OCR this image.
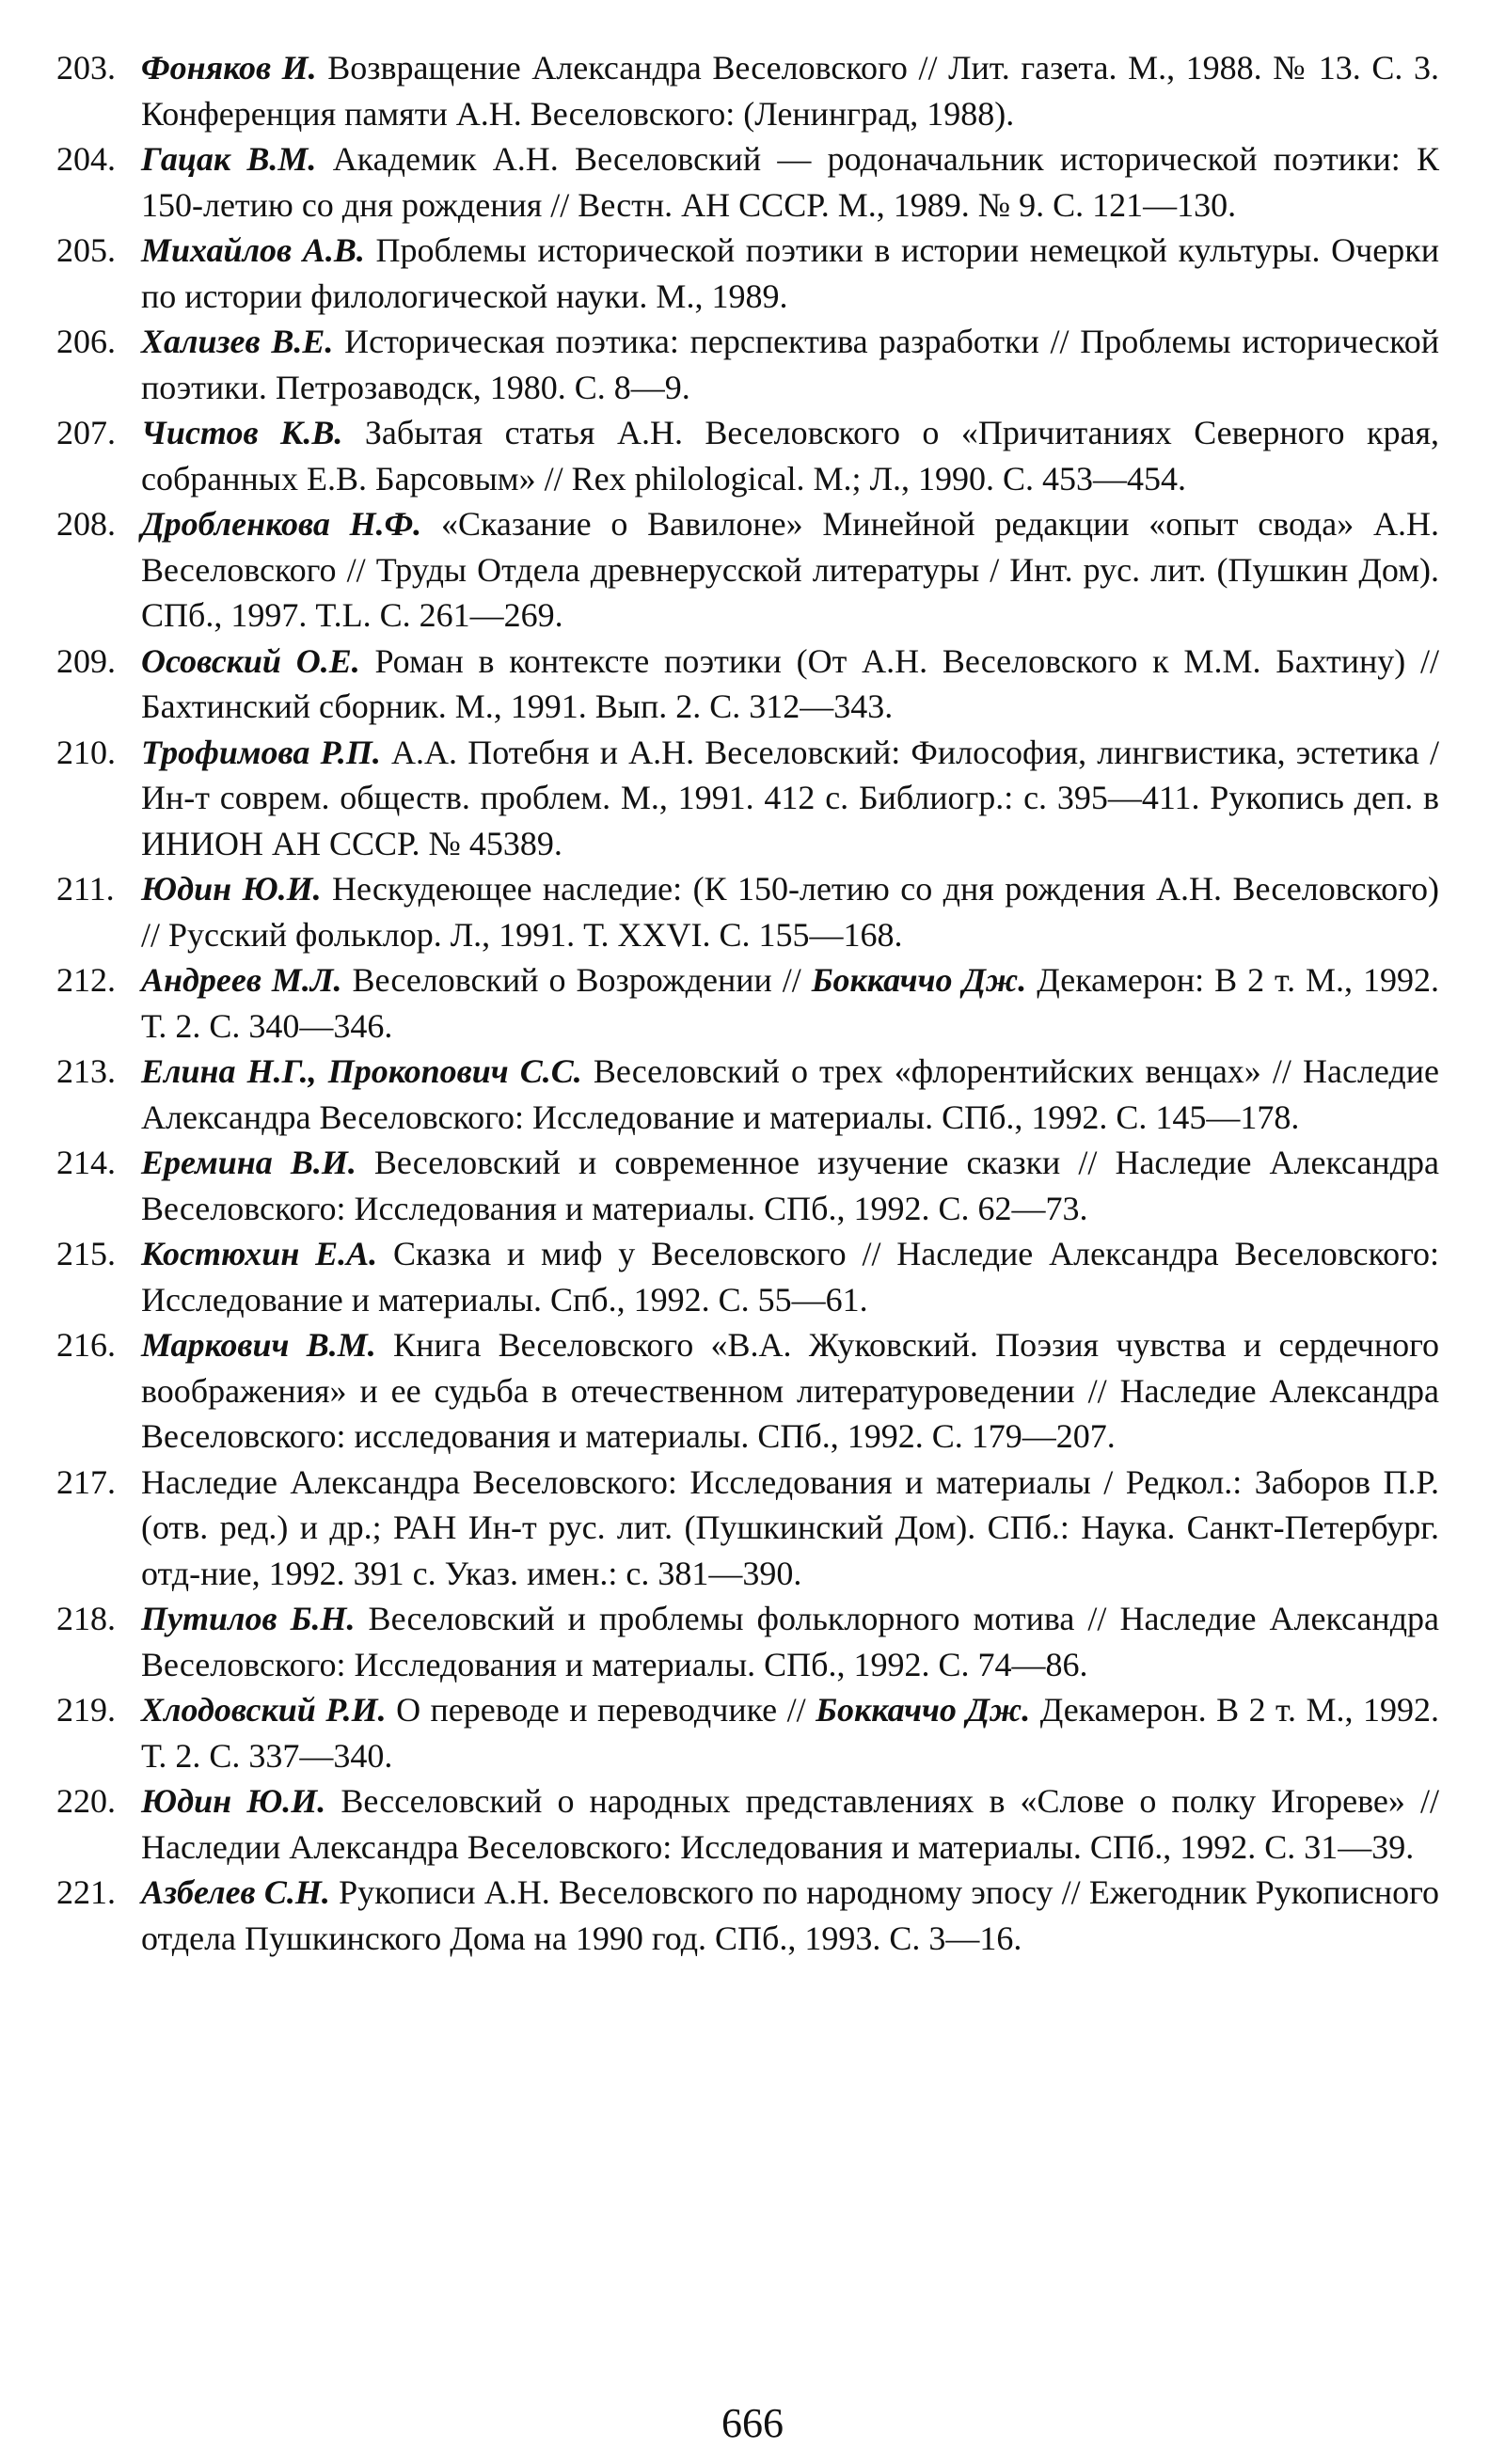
203. Фоняков И. Возвращение Александра Веселовского // Лит. газета. М., 1988. № 13. С. 3. Конференция памяти А.Н. Веселовского: (Ленинград, 1988).
204. Гацак В.М. Академик А.Н. Веселовский — родоначальник исторической поэтики: К 150-летию со дня рождения // Вестн. АН СССР. М., 1989. № 9. С. 121—130.
205. Михайлов А.В. Проблемы исторической поэтики в истории немецкой культуры. Очерки по истории филологической науки. М., 1989.
206. Хализев В.Е. Историческая поэтика: перспектива разработки // Проблемы исторической поэтики. Петрозаводск, 1980. С. 8—9.
207. Чистов К.В. Забытая статья А.Н. Веселовского о «Причитаниях Северного края, собранных Е.В. Барсовым» // Rex philological. М.; Л., 1990. С. 453—454.
208. Дробленкова Н.Ф. «Сказание о Вавилоне» Минейной редакции «опыт свода» А.Н. Веселовского // Труды Отдела древнерусской литературы / Инт. рус. лит. (Пушкин Дом). СПб., 1997. T.L. С. 261—269.
209. Осовский О.Е. Роман в контексте поэтики (От А.Н. Веселовского к М.М. Бахтину) // Бахтинский сборник. М., 1991. Вып. 2. С. 312—343.
210. Трофимова Р.П. А.А. Потебня и А.Н. Веселовский: Философия, лингвистика, эстетика / Ин-т соврем. обществ. проблем. М., 1991. 412 с. Библиогр.: с. 395—411. Рукопись деп. в ИНИОН АН СССР. № 45389.
211. Юдин Ю.И. Нескудеющее наследие: (К 150-летию со дня рождения А.Н. Веселовского) // Русский фольклор. Л., 1991. Т. XXVI. С. 155—168.
212. Андреев М.Л. Веселовский о Возрождении // Боккаччо Дж. Декамерон: В 2 т. М., 1992. Т. 2. С. 340—346.
213. Елина Н.Г., Прокопович С.С. Веселовский о трех «флорентийских венцах» // Наследие Александра Веселовского: Исследование и материалы. СПб., 1992. С. 145—178.
214. Еремина В.И. Веселовский и современное изучение сказки // Наследие Александра Веселовского: Исследования и материалы. СПб., 1992. С. 62—73.
215. Костюхин Е.А. Сказка и миф у Веселовского // Наследие Александра Веселовского: Исследование и материалы. Спб., 1992. С. 55—61.
216. Маркович В.М. Книга Веселовского «В.А. Жуковский. Поэзия чувства и сердечного воображения» и ее судьба в отечественном литературоведении // Наследие Александра Веселовского: исследования и материалы. СПб., 1992. С. 179—207.
217. Наследие Александра Веселовского: Исследования и материалы / Редкол.: Заборов П.Р. (отв. ред.) и др.; РАН Ин-т рус. лит. (Пушкинский Дом). СПб.: Наука. Санкт-Петербург. отд-ние, 1992. 391 с. Указ. имен.: с. 381—390.
218. Путилов Б.Н. Веселовский и проблемы фольклорного мотива // Наследие Александра Веселовского: Исследования и материалы. СПб., 1992. С. 74—86.
219. Хлодовский Р.И. О переводе и переводчике // Боккаччо Дж. Декамерон. В 2 т. М., 1992. Т. 2. С. 337—340.
220. Юдин Ю.И. Весселовский о народных представлениях в «Слове о полку Игореве» // Наследии Александра Веселовского: Исследования и материалы. СПб., 1992. С. 31—39.
221. Азбелев С.Н. Рукописи А.Н. Веселовского по народному эпосу // Ежегодник Рукописного отдела Пушкинского Дома на 1990 год. СПб., 1993. С. 3—16.
666
